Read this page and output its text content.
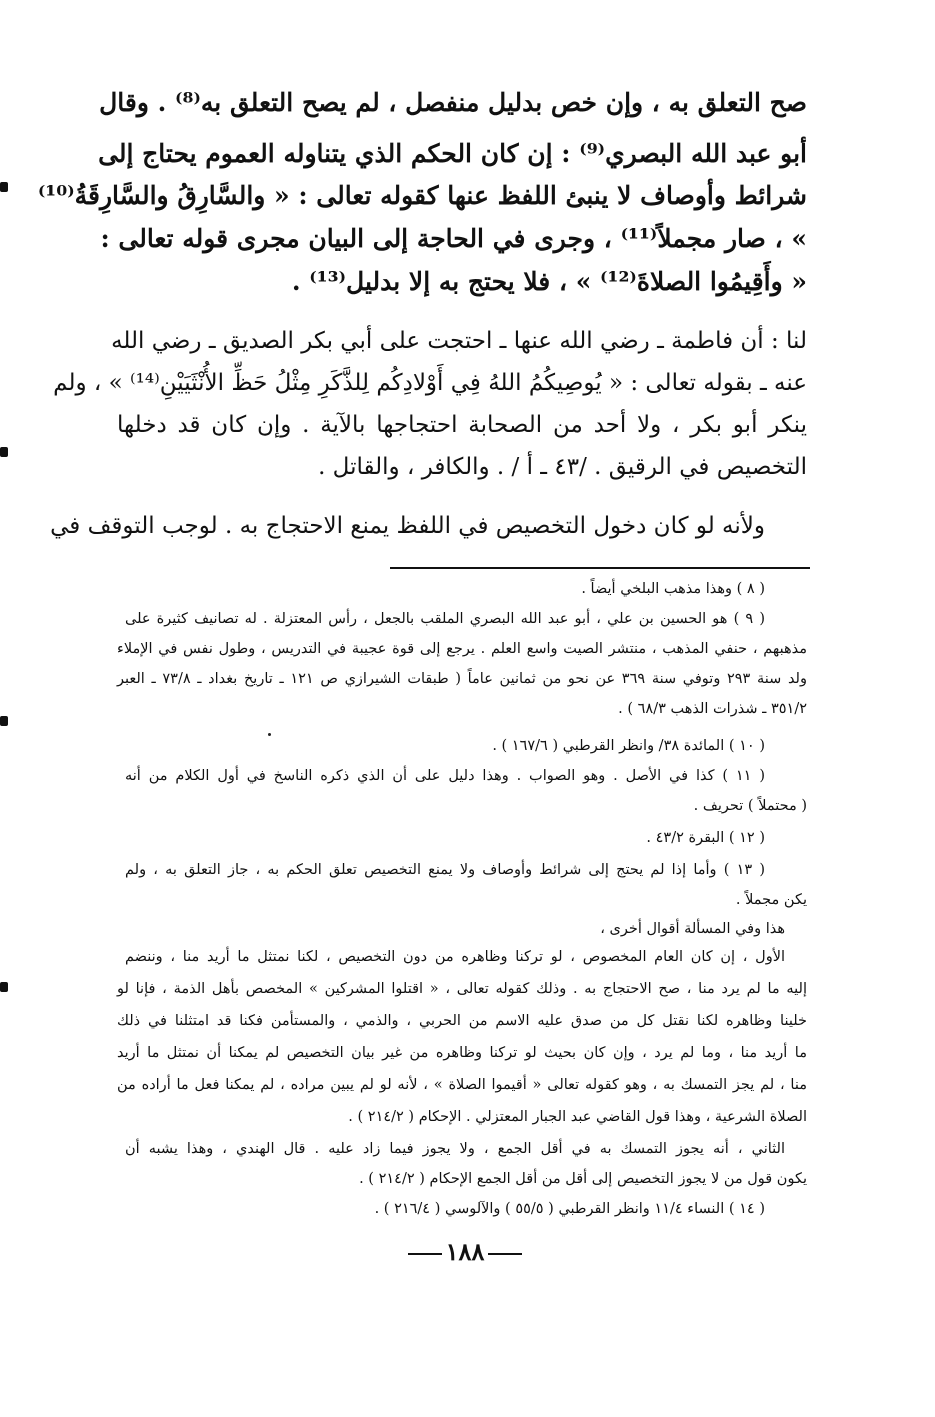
صح التعلق به ، وإن خص بدليل منفصل ، لم يصح التعلق به⁽⁸⁾ . وقال
أبو عبد الله البصري⁽⁹⁾ : إن كان الحكم الذي يتناوله العموم يحتاج إلى
شرائط وأوصاف لا ينبئ اللفظ عنها كقوله تعالى : « والسَّارِقُ والسَّارِقَةُ⁽¹⁰⁾
» ، صار مجملاً⁽¹¹⁾ ، وجرى في الحاجة إلى البيان مجرى قوله تعالى :
« وأَقِيمُوا الصلاةَ⁽¹²⁾ » ، فلا يحتج به إلا بدليل⁽¹³⁾ .
لنا : أن فاطمة ـ رضي الله عنها ـ احتجت على أبي بكر الصديق ـ رضي الله
عنه ـ بقوله تعالى : « يُوصِيكُمُ اللهُ فِي أَوْلادِكُم لِلذَّكَرِ مِثْلُ حَظِّ الأُنْثَيَيْنِ⁽¹⁴⁾ » ، ولم
ينكر أبو بكر ، ولا أحد من الصحابة احتجاجها بالآية . وإن كان قد دخلها
التخصيص في الرقيق . /٤٣ ـ أ / . والكافر ، والقاتل .
ولأنه لو كان دخول التخصيص في اللفظ يمنع الاحتجاج به . لوجب التوقف في
( ٨ ) وهذا مذهب البلخي أيضاً .
( ٩ ) هو الحسين بن علي ، أبو عبد الله البصري الملقب بالجعل ، رأس المعتزلة . له تصانيف كثيرة على
مذهبهم ، حنفي المذهب ، منتشر الصيت واسع العلم . يرجع إلى قوة عجيبة في التدريس ، وطول نفس في الإملاء
ولد سنة ٢٩٣ وتوفي سنة ٣٦٩ عن نحو من ثمانين عاماً ( طبقات الشيرازي ص ١٢١ ـ تاريخ بغداد ـ ٧٣/٨ ـ العبر
٣٥١/٢ ـ شذرات الذهب ٦٨/٣ ) .
( ١٠ ) المائدة ٣٨/ وانظر القرطبي ( ١٦٧/٦ ) .
( ١١ ) كذا في الأصل . وهو الصواب . وهذا دليل على أن الذي ذكره الناسخ في أول الكلام من أنه
( محتملاً ) تحريف .
( ١٢ ) البقرة ٤٣/٢ .
( ١٣ ) وأما إذا لم يحتج إلى شرائط وأوصاف ولا يمنع التخصيص تعلق الحكم به ، جاز التعلق به ، ولم
يكن مجملاً .
هذا وفي المسألة أقوال أخرى ،
الأول ، إن كان العام المخصوص ، لو تركنا وظاهره من دون التخصيص ، لكنا نمتثل ما أريد منا ، وننضم
إليه ما لم يرد منا ، صح الاحتجاج به . وذلك كقوله تعالى ، « اقتلوا المشركين » المخصص بأهل الذمة ، فإنا لو
خلينا وظاهره لكنا نقتل كل من صدق عليه الاسم من الحربي ، والذمي ، والمستأمن فكنا قد امتثلنا في ذلك
ما أريد منا ، وما لم يرد ، وإن كان بحيث لو تركنا وظاهره من غير بيان التخصيص لم يمكنا أن نمتثل ما أريد
منا ، لم يجز التمسك به ، وهو كقوله تعالى « أقيموا الصلاة » ، لأنه لو لم يبين مراده ، لم يمكنا فعل ما أراده من
الصلاة الشرعية ، وهذا قول القاضي عبد الجبار المعتزلي . الإحكام ( ٢١٤/٢ ) .
الثاني ، أنه يجوز التمسك به في أقل الجمع ، ولا يجوز فيما زاد عليه . قال الهندي ، وهذا يشبه أن
يكون قول من لا يجوز التخصيص إلى أقل من أقل الجمع الإحكام ( ٢١٤/٢ ) .
( ١٤ ) النساء ١١/٤ وانظر القرطبي ( ٥٥/٥ ) والآلوسي ( ٢١٦/٤ ) .
١٨٨
